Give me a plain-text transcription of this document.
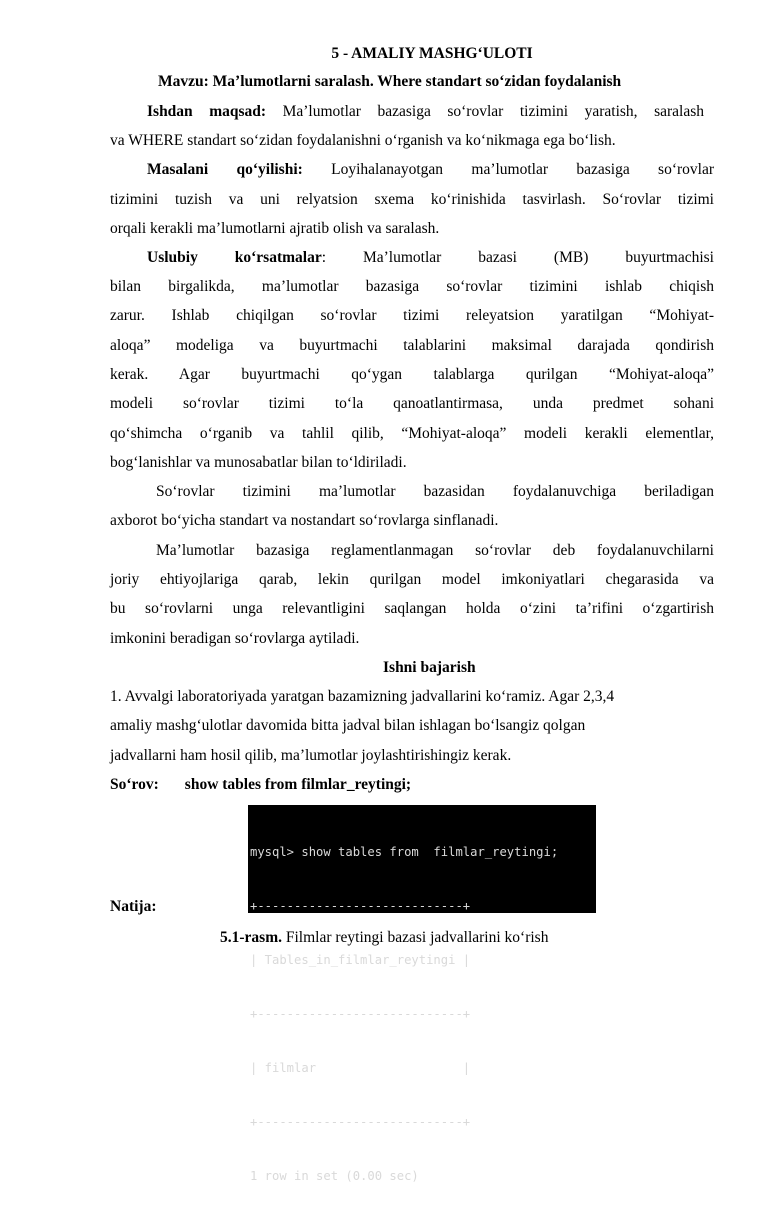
5 - AMALIY MASHG‘ULOTI
Mavzu: Ma’lumotlarni saralash. Where standart so‘zidan foydalanish
Ishdan maqsad: Ma’lumotlar bazasiga so‘rovlar tizimini yaratish, saralash
va WHERE standart so‘zidan foydalanishni o‘rganish va ko‘nikmaga ega bo‘lish.
Masalani qo‘yilishi: Loyihalanayotgan ma’lumotlar bazasiga so‘rovlar
tizimini tuzish va uni relyatsion sxema ko‘rinishida tasvirlash. So‘rovlar tizimi
orqali kerakli ma’lumotlarni ajratib olish va saralash.
Uslubiy ko‘rsatmalar: Ma’lumotlar bazasi (MB) buyurtmachisi
bilan birgalikda, ma’lumotlar bazasiga so‘rovlar tizimini ishlab chiqish
zarur. Ishlab chiqilgan so‘rovlar tizimi releyatsion yaratilgan “Mohiyat-
aloqa” modeliga va buyurtmachi talablarini maksimal darajada qondirish
kerak. Agar buyurtmachi qo‘ygan talablarga qurilgan “Mohiyat-aloqa”
modeli so‘rovlar tizimi to‘la qanoatlantirmasa, unda predmet sohani
qo‘shimcha o‘rganib va tahlil qilib, “Mohiyat-aloqa” modeli kerakli elementlar,
bog‘lanishlar va munosabatlar bilan to‘ldiriladi.
So‘rovlar tizimini ma’lumotlar bazasidan foydalanuvchiga beriladigan
axborot bo‘yicha standart va nostandart so‘rovlarga sinflanadi.
Ma’lumotlar bazasiga reglamentlanmagan so‘rovlar deb foydalanuvchilarni
joriy ehtiyojlariga qarab, lekin qurilgan model imkoniyatlari chegarasida va
bu so‘rovlarni unga relevantligini saqlangan holda o‘zini ta’rifini o‘zgartirish
imkonini beradigan so‘rovlarga aytiladi.
Ishni bajarish
1. Avvalgi laboratoriyada yaratgan bazamizning jadvallarini ko‘ramiz. Agar 2,3,4
amaliy mashg‘ulotlar davomida bitta jadval bilan ishlagan bo‘lsangiz qolgan
jadvallarni ham hosil qilib, ma’lumotlar joylashtirishingiz kerak.
So‘rov: show tables from filmlar_reytingi;

mysql> show tables from  filmlar_reytingi;

+----------------------------+

| Tables_in_filmlar_reytingi |

+----------------------------+

| filmlar                    |

+----------------------------+

1 row in set (0.00 sec)

Natija:
5.1-rasm. Filmlar reytingi bazasi jadvallarini ko‘rish
